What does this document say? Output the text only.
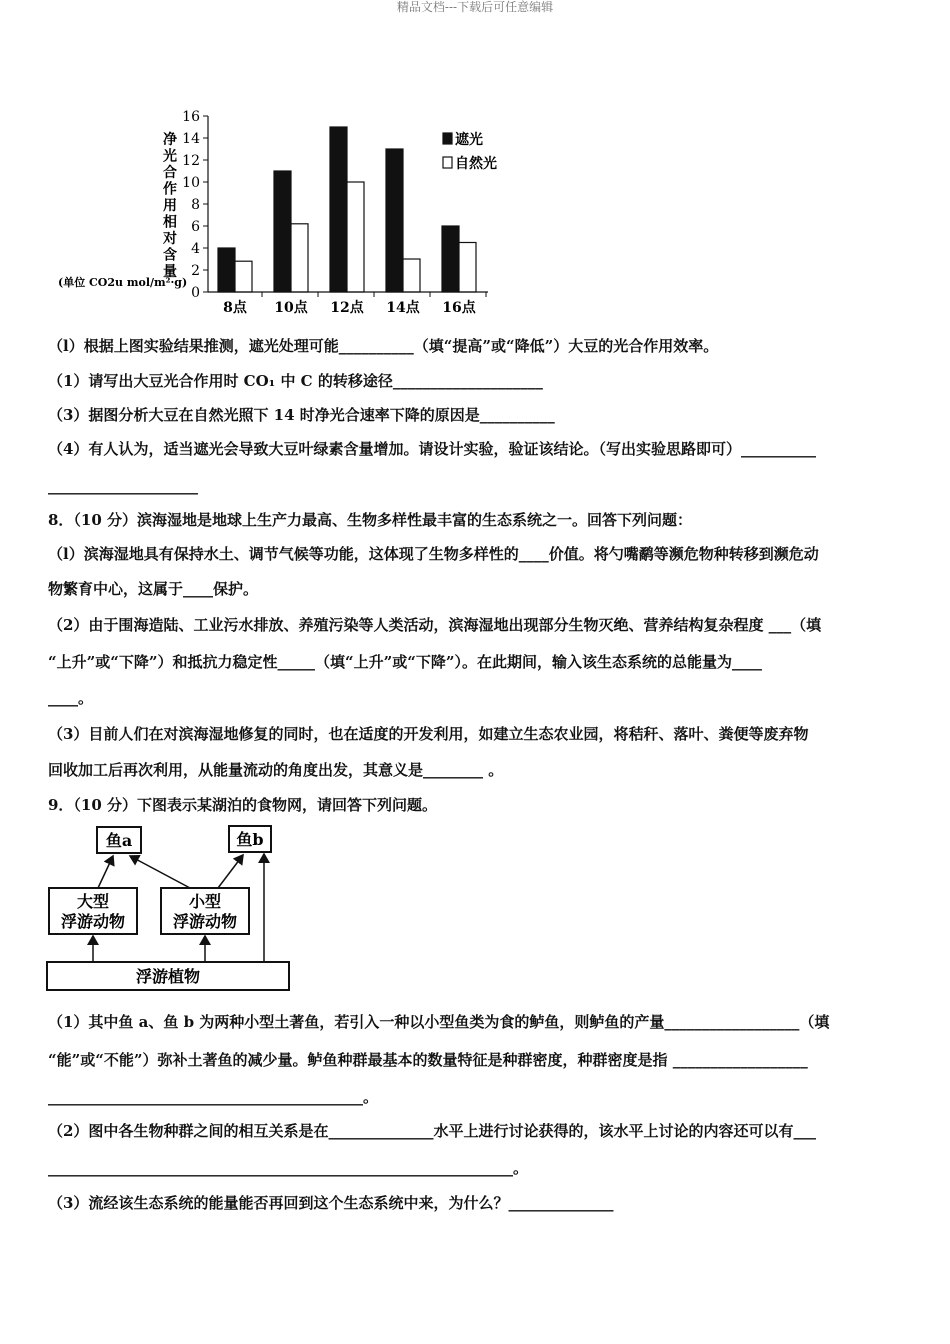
精品文档---下载后可任意编辑
净
光
合
作
用
相
对
含
量
(单位 CO2u mol/m²·g)
0
2
4
6
8
10
12
14
16
8点 10点 12点 14点 16点
遮光
自然光
（l）根据上图实验结果推测，遮光处理可能__________（填“提高”或“降低”）大豆的光合作用效率。
（1）请写出大豆光合作用时 CO₁ 中 C 的转移途径____________________
（3）据图分析大豆在自然光照下 14 时净光合速率下降的原因是__________
（4）有人认为，适当遮光会导致大豆叶绿素含量增加。请设计实验，验证该结论。（写出实验思路即可）__________
____________________
8．（10 分）滨海湿地是地球上生产力最高、生物多样性最丰富的生态系统之一。回答下列问题：
（l）滨海湿地具有保持水土、调节气候等功能，这体现了生物多样性的____价值。将勺嘴鹬等濒危物种转移到濒危动
物繁育中心，这属于____保护。
（2）由于围海造陆、工业污水排放、养殖污染等人类活动，滨海湿地出现部分生物灭绝、营养结构复杂程度 ___（填
“上升”或“下降”）和抵抗力稳定性_____（填“上升”或“下降”）。在此期间，输入该生态系统的总能量为____
____。
（3）目前人们在对滨海湿地修复的同时，也在适度的开发利用，如建立生态农业园，将秸秆、落叶、粪便等废弃物
回收加工后再次利用，从能量流动的角度出发，其意义是________ 。
9．（10 分）下图表示某湖泊的食物网，请回答下列问题。
鱼a	鱼b
大型
浮游动物
小型
浮游动物
浮游植物
（1）其中鱼 a、鱼 b 为两种小型土著鱼，若引入一种以小型鱼类为食的鲈鱼，则鲈鱼的产量__________________（填
“能”或“不能”）弥补土著鱼的减少量。鲈鱼种群最基本的数量特征是种群密度，种群密度是指 __________________
__________________________________________。
（2）图中各生物种群之间的相互关系是在______________水平上进行讨论获得的，该水平上讨论的内容还可以有___
______________________________________________________________。
（3）流经该生态系统的能量能否再回到这个生态系统中来，为什么？______________
